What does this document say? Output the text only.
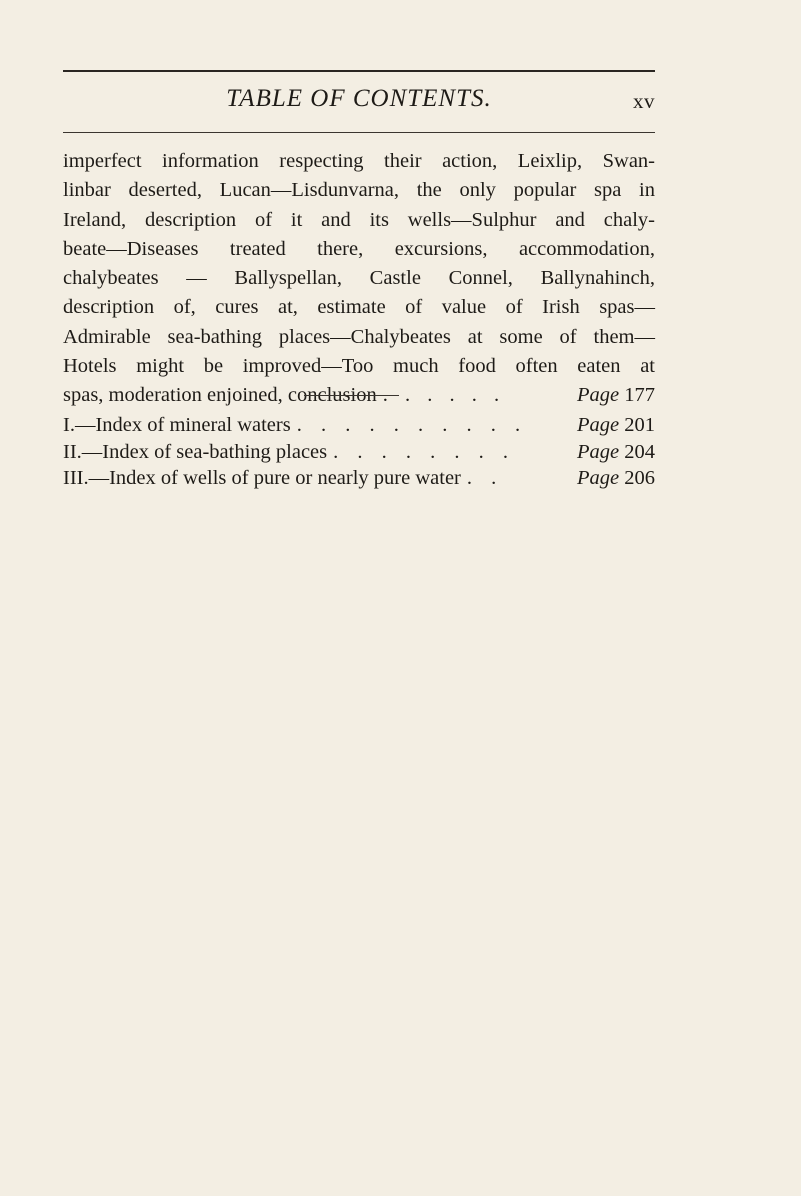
TABLE OF CONTENTS.	xv
imperfect information respecting their action, Leixlip, Swan-
linbar deserted, Lucan—Lisdunvarna, the only popular spa in
Ireland, description of it and its wells—Sulphur and chaly-
beate—Diseases treated there, excursions, accommodation,
chalybeates — Ballyspellan, Castle Connel, Ballynahinch,
description of, cures at, estimate of value of Irish spas—
Admirable sea-bathing places—Chalybeates at some of them—
Hotels might be improved—Too much food often eaten at
spas, moderation enjoined, conclusion . . . . . .	Page 177
I.—Index of mineral waters . . . . . . . . . .	Page 201
II.—Index of sea-bathing places . . . . . . . .	Page 204
III.—Index of wells of pure or nearly pure water . .	Page 206
